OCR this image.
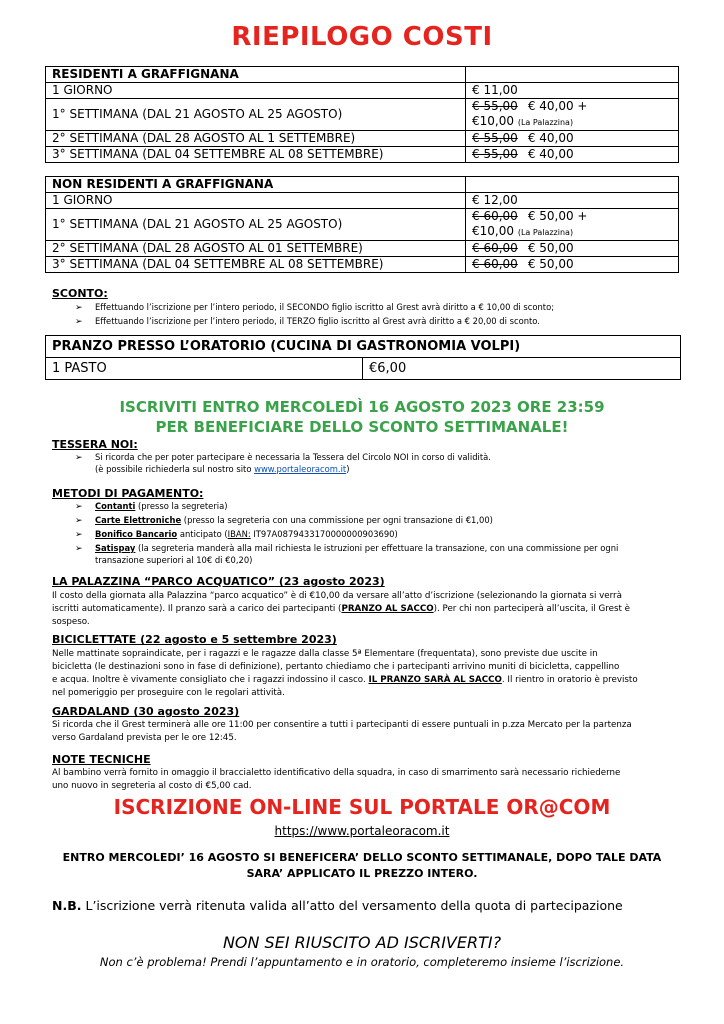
RIEPILOGO COSTI
RESIDENTI A GRAFFIGNANA	
1 GIORNO	€ 11,00
1° SETTIMANA (DAL 21 AGOSTO AL 25 AGOSTO)	€ 55,00 € 40,00 +
€10,00 (La Palazzina)
2° SETTIMANA (DAL 28 AGOSTO AL 1 SETTEMBRE)	€ 55,00 € 40,00
3° SETTIMANA (DAL 04 SETTEMBRE AL 08 SETTEMBRE)	€ 55,00 € 40,00
NON RESIDENTI A GRAFFIGNANA	
1 GIORNO	€ 12,00
1° SETTIMANA (DAL 21 AGOSTO AL 25 AGOSTO)	€ 60,00 € 50,00 +
€10,00 (La Palazzina)
2° SETTIMANA (DAL 28 AGOSTO AL 01 SETTEMBRE)	€ 60,00 € 50,00
3° SETTIMANA (DAL 04 SETTEMBRE AL 08 SETTEMBRE)	€ 60,00 € 50,00
SCONTO:
➢ Effettuando l’iscrizione per l’intero periodo, il SECONDO figlio iscritto al Grest avrà diritto a € 10,00 di sconto;
➢ Effettuando l’iscrizione per l’intero periodo, il TERZO figlio iscritto al Grest avrà diritto a € 20,00 di sconto.
PRANZO PRESSO L’ORATORIO (CUCINA DI GASTRONOMIA VOLPI)
1 PASTO	€6,00
ISCRIVITI ENTRO MERCOLEDÌ 16 AGOSTO 2023 ORE 23:59
PER BENEFICIARE DELLO SCONTO SETTIMANALE!
TESSERA NOI:
➢ Si ricorda che per poter partecipare è necessaria la Tessera del Circolo NOI in corso di validità.
(è possibile richiederla sul nostro sito www.portaleoracom.it)
METODI DI PAGAMENTO:
➢ Contanti (presso la segreteria)
➢ Carte Elettroniche (presso la segreteria con una commissione per ogni transazione di €1,00)
➢ Bonifico Bancario anticipato (IBAN: IT97A0879433170000000903690)
➢ Satispay (la segreteria manderà alla mail richiesta le istruzioni per effettuare la transazione, con una commissione per ogni
transazione superiori al 10€ di €0,20)
LA PALAZZINA “PARCO ACQUATICO” (23 agosto 2023)
Il costo della giornata alla Palazzina “parco acquatico” è di €10,00 da versare all’atto d’iscrizione (selezionando la giornata si verrà
iscritti automaticamente). Il pranzo sarà a carico dei partecipanti (PRANZO AL SACCO). Per chi non parteciperà all’uscita, il Grest è
sospeso.
BICICLETTATE (22 agosto e 5 settembre 2023)
Nelle mattinate sopraindicate, per i ragazzi e le ragazze dalla classe 5ª Elementare (frequentata), sono previste due uscite in
bicicletta (le destinazioni sono in fase di definizione), pertanto chiediamo che i partecipanti arrivino muniti di bicicletta, cappellino
e acqua. Inoltre è vivamente consigliato che i ragazzi indossino il casco. IL PRANZO SARÀ AL SACCO. Il rientro in oratorio è previsto
nel pomeriggio per proseguire con le regolari attività.
GARDALAND (30 agosto 2023)
Si ricorda che il Grest terminerà alle ore 11:00 per consentire a tutti i partecipanti di essere puntuali in p.zza Mercato per la partenza
verso Gardaland prevista per le ore 12:45.
NOTE TECNICHE
Al bambino verrà fornito in omaggio il braccialetto identificativo della squadra, in caso di smarrimento sarà necessario richiederne
uno nuovo in segreteria al costo di €5,00 cad.
ISCRIZIONE ON-LINE SUL PORTALE OR@COM
https://www.portaleoracom.it
ENTRO MERCOLEDI’ 16 AGOSTO SI BENEFICERA’ DELLO SCONTO SETTIMANALE, DOPO TALE DATA
SARA’ APPLICATO IL PREZZO INTERO.
N.B. L’iscrizione verrà ritenuta valida all’atto del versamento della quota di partecipazione
NON SEI RIUSCITO AD ISCRIVERTI?
Non c’è problema! Prendi l’appuntamento e in oratorio, completeremo insieme l’iscrizione.
